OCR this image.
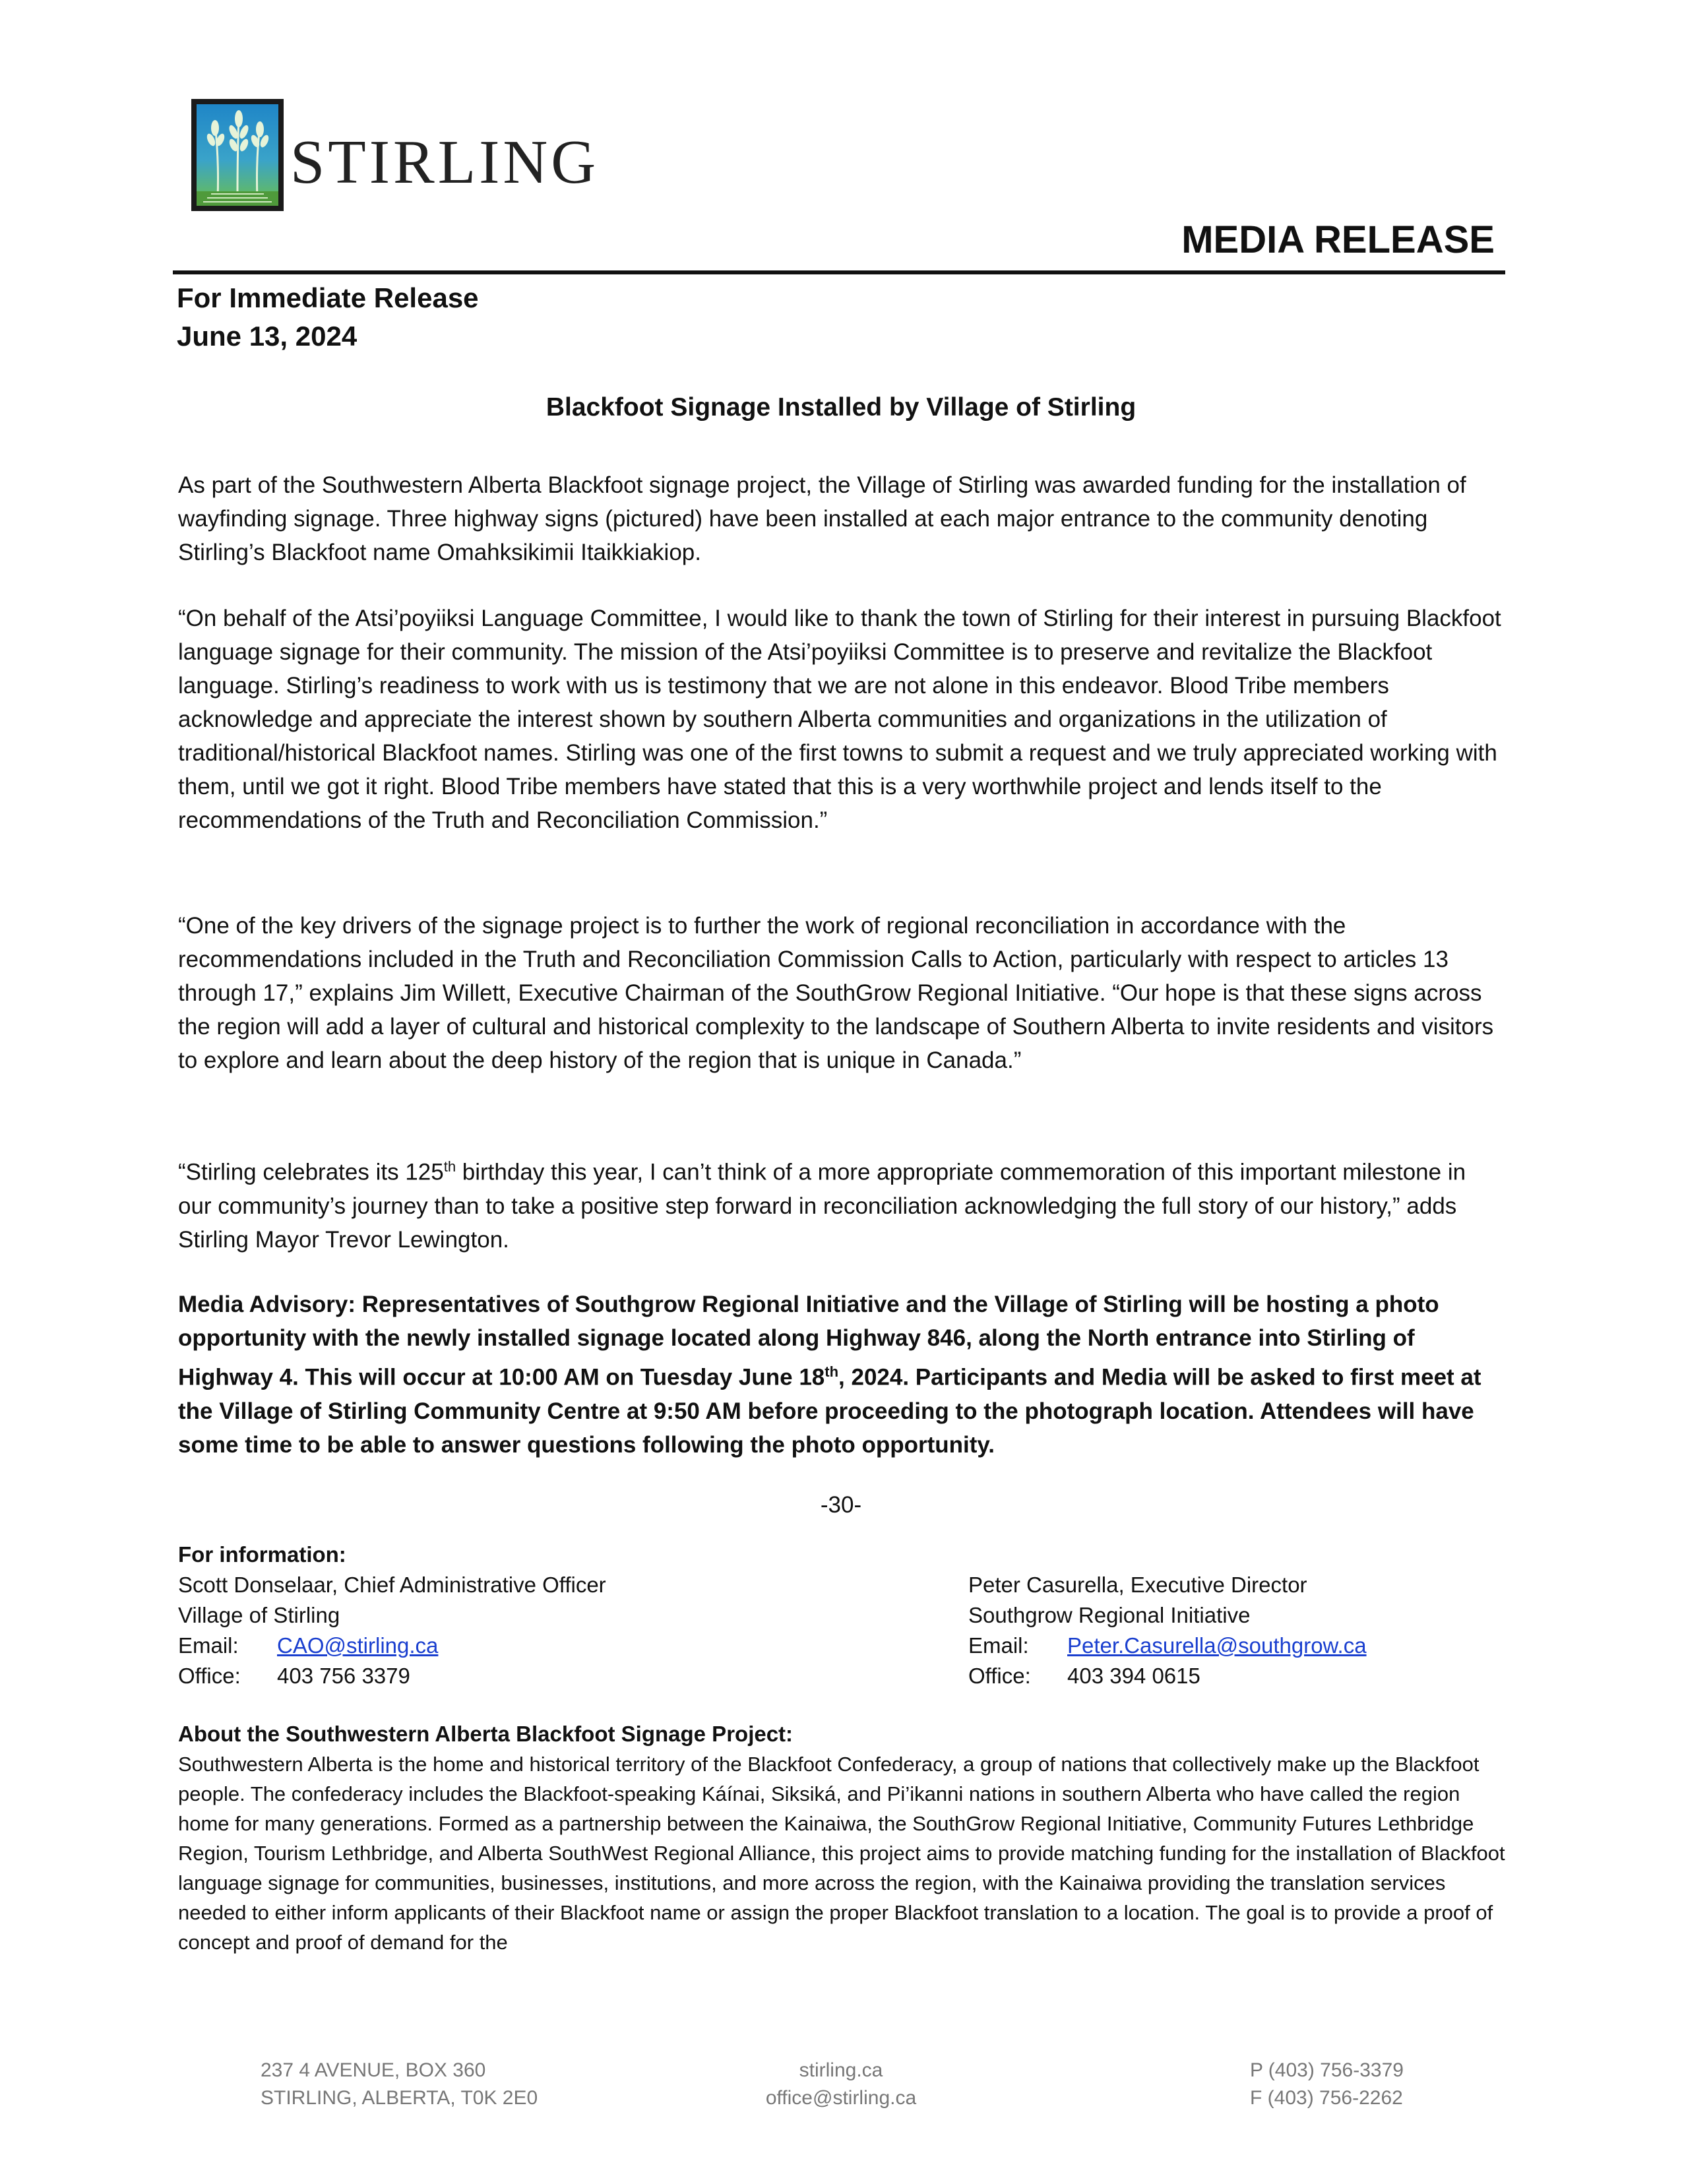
STIRLING
MEDIA RELEASE
For Immediate Release
June 13, 2024
Blackfoot Signage Installed by Village of Stirling
As part of the Southwestern Alberta Blackfoot signage project, the Village of Stirling was awarded funding for the installation of wayfinding signage. Three highway signs (pictured) have been installed at each major entrance to the community denoting Stirling’s Blackfoot name Omahksikimii Itaikkiakiop.
“On behalf of the Atsi’poyiiksi Language Committee, I would like to thank the town of Stirling for their interest in pursuing Blackfoot language signage for their community. The mission of the Atsi’poyiiksi Committee is to preserve and revitalize the Blackfoot language. Stirling’s readiness to work with us is testimony that we are not alone in this endeavor. Blood Tribe members acknowledge and appreciate the interest shown by southern Alberta communities and organizations in the utilization of traditional/historical Blackfoot names. Stirling was one of the first towns to submit a request and we truly appreciated working with them, until we got it right. Blood Tribe members have stated that this is a very worthwhile project and lends itself to the recommendations of the Truth and Reconciliation Commission.”
“One of the key drivers of the signage project is to further the work of regional reconciliation in accordance with the recommendations included in the Truth and Reconciliation Commission Calls to Action, particularly with respect to articles 13 through 17,” explains Jim Willett, Executive Chairman of the SouthGrow Regional Initiative. “Our hope is that these signs across the region will add a layer of cultural and historical complexity to the landscape of Southern Alberta to invite residents and visitors to explore and learn about the deep history of the region that is unique in Canada.”
“Stirling celebrates its 125th birthday this year, I can’t think of a more appropriate commemoration of this important milestone in our community’s journey than to take a positive step forward in reconciliation acknowledging the full story of our history,” adds Stirling Mayor Trevor Lewington.
Media Advisory: Representatives of Southgrow Regional Initiative and the Village of Stirling will be hosting a photo opportunity with the newly installed signage located along Highway 846, along the North entrance into Stirling of Highway 4. This will occur at 10:00 AM on Tuesday June 18th, 2024. Participants and Media will be asked to first meet at the Village of Stirling Community Centre at 9:50 AM before proceeding to the photograph location. Attendees will have some time to be able to answer questions following the photo opportunity.
-30-
For information:
Scott Donselaar, Chief Administrative Officer
Village of Stirling
Email: CAO@stirling.ca
Office: 403 756 3379
Peter Casurella, Executive Director
Southgrow Regional Initiative
Email: Peter.Casurella@southgrow.ca
Office: 403 394 0615
About the Southwestern Alberta Blackfoot Signage Project:
Southwestern Alberta is the home and historical territory of the Blackfoot Confederacy, a group of nations that collectively make up the Blackfoot people. The confederacy includes the Blackfoot-speaking Káínai, Siksiká, and Pi’ikanni nations in southern Alberta who have called the region home for many generations. Formed as a partnership between the Kainaiwa, the SouthGrow Regional Initiative, Community Futures Lethbridge Region, Tourism Lethbridge, and Alberta SouthWest Regional Alliance, this project aims to provide matching funding for the installation of Blackfoot language signage for communities, businesses, institutions, and more across the region, with the Kainaiwa providing the translation services needed to either inform applicants of their Blackfoot name or assign the proper Blackfoot translation to a location. The goal is to provide a proof of concept and proof of demand for the
237 4 AVENUE, BOX 360
STIRLING, ALBERTA, T0K 2E0
stirling.ca
office@stirling.ca
P (403) 756-3379
F (403) 756-2262
